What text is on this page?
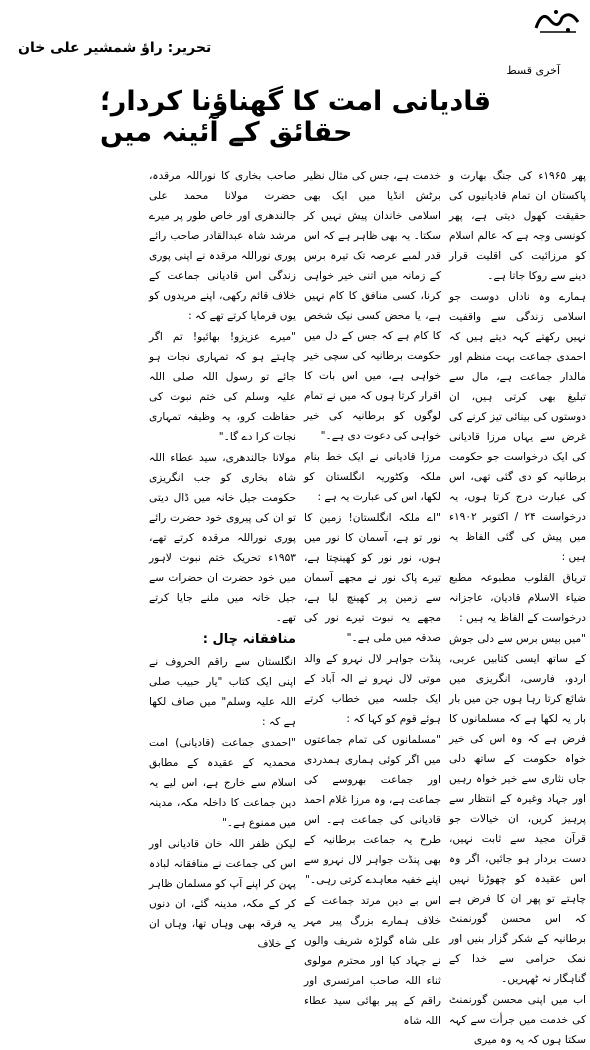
آخری قسط
تحریر: راؤ شمشیر علی خان
قادیانی امت کا گھناؤنا کردار؛ حقائق کے آئینہ میں

پھر ۱۹۶۵ء کی جنگ بھارت و پاکستان ان تمام قادیانیوں کی حقیقت کھول دیتی ہے، پھر کونسی وجہ ہے کہ عالم اسلام کو مرزائیت کی اقلیت قرار دینے سے روکا جاتا ہے۔

ہمارے وہ ناداں دوست جو اسلامی زندگی سے واقفیت نہیں رکھتے کہہ دیتے ہیں کہ احمدی جماعت بہت منظم اور مالدار جماعت ہے، مال سے تبلیغ بھی کرتی ہیں، ان دوستوں کی بینائی تیز کرنے کی غرض سے یہاں مرزا قادیانی کی ایک درخواست جو حکومت برطانیہ کو دی گئی تھی، اس کی عبارت درج کرتا ہوں، یہ درخواست ۲۴ / اکتوبر ۱۹۰۲ء میں پیش کی گئی الفاظ یہ ہیں :

تریاق القلوب مطبوعہ مطبع ضیاء الاسلام قادیان، عاجزانہ درخواست کے الفاظ یہ ہیں :

"میں بیس برس سے دلی جوش کے ساتھ ایسی کتابیں عربی، اردو، فارسی، انگریزی میں شائع کرتا رہا ہوں جن میں بار بار یہ لکھا ہے کہ مسلمانوں کا فرض ہے کہ وہ اس کی خیر خواہ حکومت کے ساتھ دلی جاں نثاری سے خیر خواہ رہیں اور جہاد وغیرہ کے انتظار سے پرہیز کریں، ان خیالات جو قرآن مجید سے ثابت نہیں، دست بردار ہو جائیں، اگر وہ اس عقیدہ کو چھوڑنا نہیں چاہتے تو پھر ان کا فرض ہے کہ اس محسن گورنمنٹ برطانیہ کے شکر گزار بنیں اور نمک حرامی سے خدا کے گناہگار نہ ٹھہریں۔

اب میں اپنی محسن گورنمنٹ کی خدمت میں جرأت سے کہہ سکتا ہوں کہ یہ وہ میری

خدمت ہے، جس کی مثال نظیر برٹش انڈیا میں ایک بھی اسلامی خاندان پیش نہیں کر سکتا۔ یہ بھی ظاہر ہے کہ اس قدر لمبے عرصہ تک تیرہ برس کے زمانہ میں اتنی خیر خواہی کرنا، کسی منافق کا کام نہیں ہے، یا محض کسی نیک شخص کا کام ہے کہ جس کے دل میں حکومت برطانیہ کی سچی خیر خواہی ہے، میں اس بات کا اقرار کرتا ہوں کہ میں نے تمام لوگوں کو برطانیہ کی خیر خواہی کی دعوت دی ہے۔"

مرزا قادیانی نے ایک خط بنام ملکہ وکٹوریہ انگلستان کو لکھا، اس کی عبارت یہ ہے :

"اے ملکہ انگلستان! زمین کا نور تو ہے، آسمان کا نور میں ہوں، نور نور کو کھینچتا ہے، تیرے پاک نور نے مجھے آسمان سے زمین پر کھینچ لیا ہے، مجھے یہ نبوت تیرے نور کی صدقہ میں ملی ہے۔"

پنڈت جواہر لال نہرو کے والد موتی لال نہرو نے الہ آباد کے ایک جلسہ میں خطاب کرتے ہوئے قوم کو کہا کہ :

"مسلمانوں کی تمام جماعتوں میں اگر کوئی ہماری ہمدردی اور جماعت بھروسے کی جماعت ہے، وہ مرزا غلام احمد قادیانی کی جماعت ہے۔ اس طرح یہ جماعت برطانیہ کے بھی پنڈت جواہر لال نہرو سے اپنے خفیہ معاہدے کرتی رہی۔"

اس بے دین مرتد جماعت کے خلاف ہمارے بزرگ پیر مہر علی شاہ گولڑہ شریف والوں نے جہاد کیا اور محترم مولوی ثناء اللہ صاحب امرتسری اور راقم کے پیر بھائی سید عطاء اللہ شاہ

صاحب بخاری کا نوراللہ مرقدہ، حضرت مولانا محمد علی جالندھری اور خاص طور پر میرے مرشد شاہ عبدالقادر صاحب رائے پوری نوراللہ مرقدہ نے اپنی پوری زندگی اس قادیانی جماعت کے خلاف قائم رکھی، اپنے مریدوں کو یوں فرمایا کرتے تھے کہ :

"میرے عزیزو! بھائیو! تم اگر چاہتے ہو کہ تمہاری نجات ہو جائے تو رسول اللہ صلی اللہ علیہ وسلم کی ختم نبوت کی حفاظت کرو، یہ وظیفہ تمہاری نجات کرا دے گا۔"

مولانا جالندھری، سید عطاء اللہ شاہ بخاری کو جب انگریزی حکومت جیل خانہ میں ڈال دیتی تو ان کی پیروی خود حضرت رائے پوری نوراللہ مرقدہ کرتے تھے، ۱۹۵۳ء تحریک ختم نبوت لاہور میں خود حضرت ان حضرات سے جیل خانہ میں ملنے جایا کرتے تھے۔

منافقانہ چال :

انگلستان سے راقم الحروف نے اپنی ایک کتاب "یار حبیب صلی اللہ علیہ وسلم" میں صاف لکھا ہے کہ :

"احمدی جماعت (قادیانی) امت محمدیہ کے عقیدہ کے مطابق اسلام سے خارج ہے، اس لیے یہ دین جماعت کا داخلہ مکہ، مدینہ میں ممنوع ہے۔"

لیکن ظفر اللہ خان قادیانی اور اس کی جماعت نے منافقانہ لبادہ پہن کر اپنے آپ کو مسلمان ظاہر کر کے مکہ، مدینہ گئے، ان دنوں یہ فرقہ بھی وہاں تھا، وہاں ان کے خلاف
